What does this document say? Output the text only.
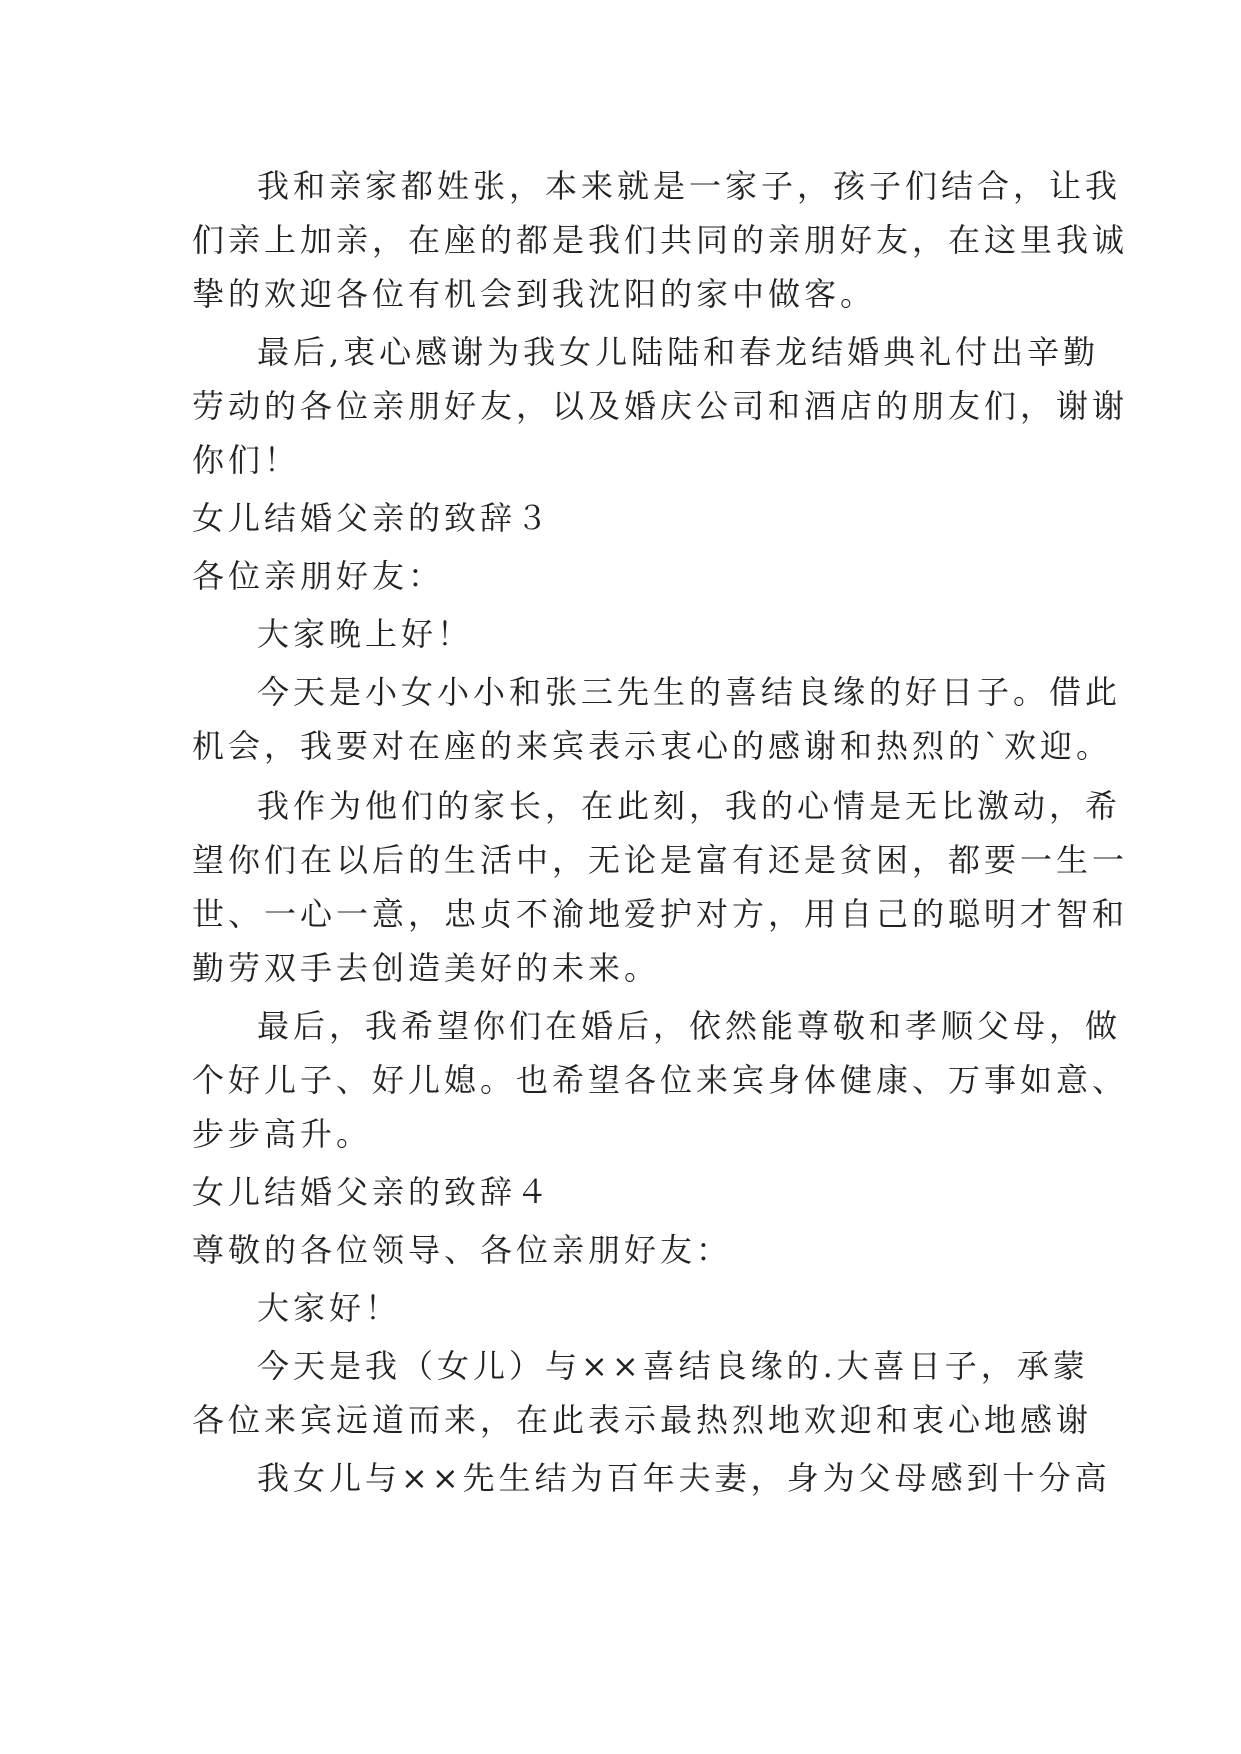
我和亲家都姓张，本来就是一家子，孩子们结合，让我
们亲上加亲，在座的都是我们共同的亲朋好友，在这里我诚
挚的欢迎各位有机会到我沈阳的家中做客。
最后,衷心感谢为我女儿陆陆和春龙结婚典礼付出辛勤
劳动的各位亲朋好友，以及婚庆公司和酒店的朋友们，谢谢
你们！
女儿结婚父亲的致辞３
各位亲朋好友：
大家晚上好！
今天是小女小小和张三先生的喜结良缘的好日子。借此
机会，我要对在座的来宾表示衷心的感谢和热烈的`欢迎。
我作为他们的家长，在此刻，我的心情是无比激动，希
望你们在以后的生活中，无论是富有还是贫困，都要一生一
世、一心一意，忠贞不渝地爱护对方，用自己的聪明才智和
勤劳双手去创造美好的未来。
最后，我希望你们在婚后，依然能尊敬和孝顺父母，做
个好儿子、好儿媳。也希望各位来宾身体健康、万事如意、
步步高升。
女儿结婚父亲的致辞４
尊敬的各位领导、各位亲朋好友：
大家好！
今天是我（女儿）与××喜结良缘的.大喜日子，承蒙
各位来宾远道而来，在此表示最热烈地欢迎和衷心地感谢
我女儿与××先生结为百年夫妻，身为父母感到十分高
